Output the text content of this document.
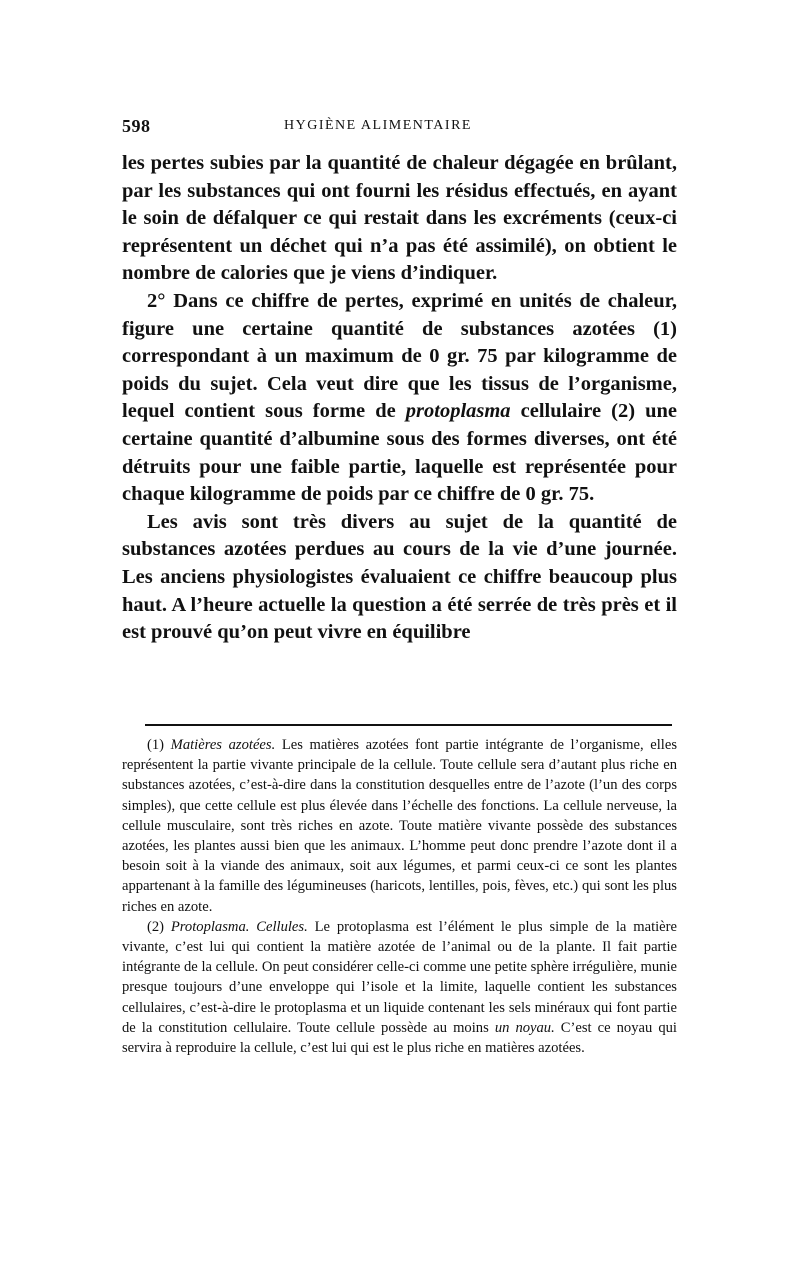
598	HYGIÈNE ALIMENTAIRE

les pertes subies par la quantité de chaleur dégagée en brûlant, par les substances qui ont fourni les résidus effectués, en ayant le soin de défalquer ce qui restait dans les excréments (ceux-ci représentent un déchet qui n’a pas été assimilé), on obtient le nombre de calories que je viens d’indiquer.

2° Dans ce chiffre de pertes, exprimé en unités de chaleur, figure une certaine quantité de substances azotées (1) correspondant à un maximum de 0 gr. 75 par kilogramme de poids du sujet. Cela veut dire que les tissus de l’organisme, lequel contient sous forme de protoplasma cellulaire (2) une certaine quantité d’albumine sous des formes diverses, ont été détruits pour une faible partie, laquelle est représentée pour chaque kilogramme de poids par ce chiffre de 0 gr. 75.

Les avis sont très divers au sujet de la quantité de substances azotées perdues au cours de la vie d’une journée. Les anciens physiologistes évaluaient ce chiffre beaucoup plus haut. A l’heure actuelle la question a été serrée de très près et il est prouvé qu’on peut vivre en équilibre

(1) Matières azotées. Les matières azotées font partie intégrante de l’organisme, elles représentent la partie vivante principale de la cellule. Toute cellule sera d’autant plus riche en substances azotées, c’est-à-dire dans la constitution desquelles entre de l’azote (l’un des corps simples), que cette cellule est plus élevée dans l’échelle des fonctions. La cellule nerveuse, la cellule musculaire, sont très riches en azote. Toute matière vivante possède des substances azotées, les plantes aussi bien que les animaux. L’homme peut donc prendre l’azote dont il a besoin soit à la viande des animaux, soit aux légumes, et parmi ceux-ci ce sont les plantes appartenant à la famille des légumineuses (haricots, lentilles, pois, fèves, etc.) qui sont les plus riches en azote.

(2) Protoplasma. Cellules. Le protoplasma est l’élément le plus simple de la matière vivante, c’est lui qui contient la matière azotée de l’animal ou de la plante. Il fait partie intégrante de la cellule. On peut considérer celle-ci comme une petite sphère irrégulière, munie presque toujours d’une enveloppe qui l’isole et la limite, laquelle contient les substances cellulaires, c’est-à-dire le protoplasma et un liquide contenant les sels minéraux qui font partie de la constitution cellulaire. Toute cellule possède au moins un noyau. C’est ce noyau qui servira à reproduire la cellule, c’est lui qui est le plus riche en matières azotées.
